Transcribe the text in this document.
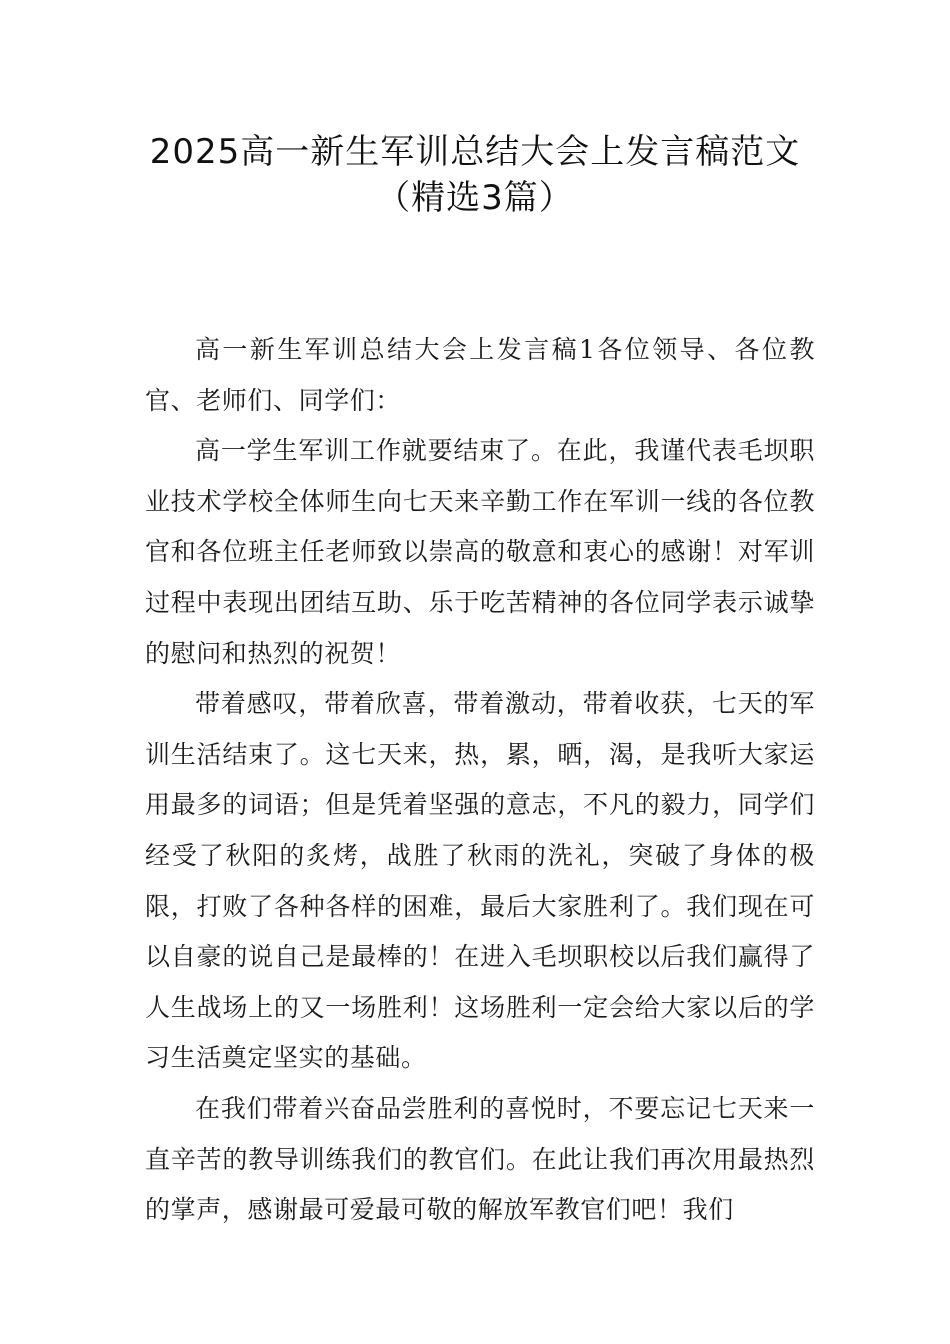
2025高一新生军训总结大会上发言稿范文
（精选3篇）

高一新生军训总结大会上发言稿1各位领导、各位教官、老师们、同学们：

高一学生军训工作就要结束了。在此，我谨代表毛坝职业技术学校全体师生向七天来辛勤工作在军训一线的各位教官和各位班主任老师致以崇高的敬意和衷心的感谢！对军训过程中表现出团结互助、乐于吃苦精神的各位同学表示诚挚的慰问和热烈的祝贺！

带着感叹，带着欣喜，带着激动，带着收获，七天的军训生活结束了。这七天来，热，累，晒，渴，是我听大家运用最多的词语；但是凭着坚强的意志，不凡的毅力，同学们经受了秋阳的炙烤，战胜了秋雨的洗礼，突破了身体的极限，打败了各种各样的困难，最后大家胜利了。我们现在可以自豪的说自己是最棒的！在进入毛坝职校以后我们赢得了人生战场上的又一场胜利！这场胜利一定会给大家以后的学习生活奠定坚实的基础。

在我们带着兴奋品尝胜利的喜悦时，不要忘记七天来一直辛苦的教导训练我们的教官们。在此让我们再次用最热烈的掌声，感谢最可爱最可敬的解放军教官们吧！我们
